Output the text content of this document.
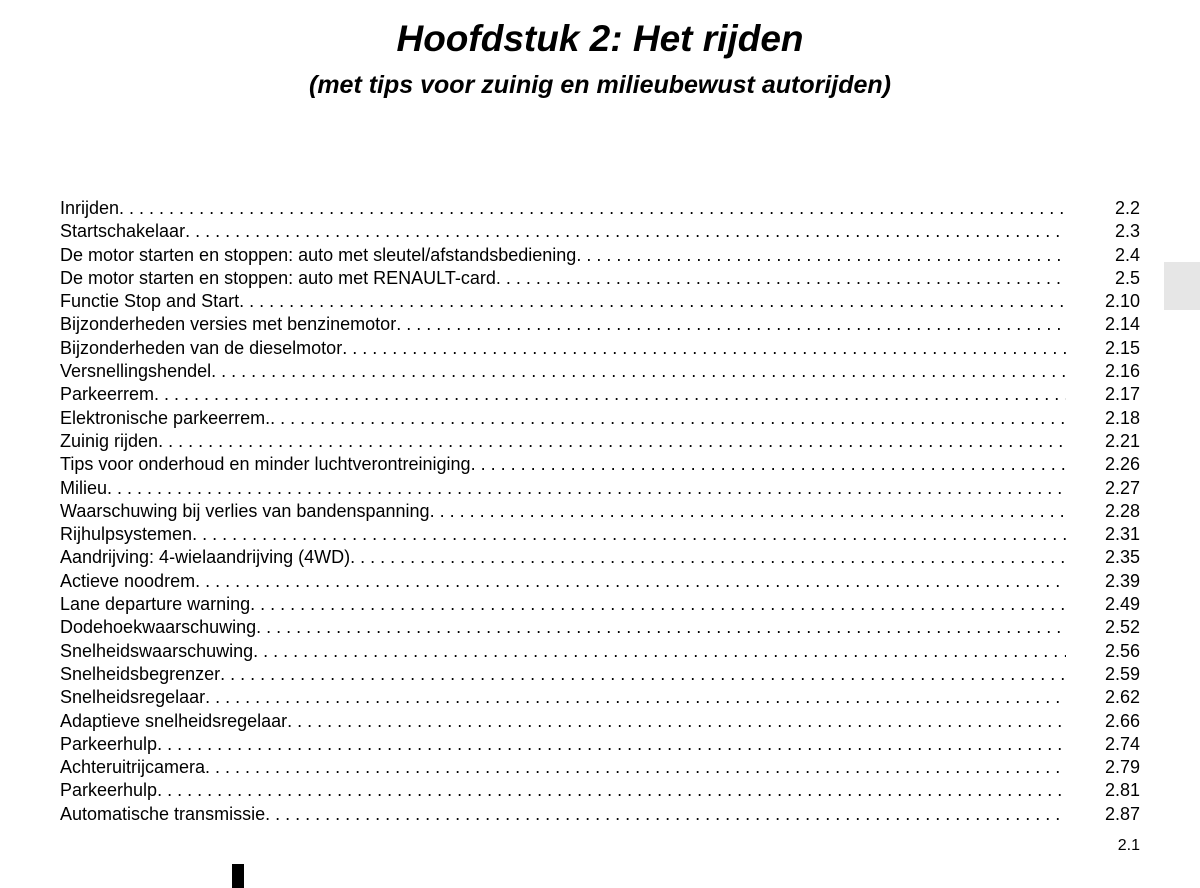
Hoofdstuk 2: Het rijden
(met tips voor zuinig en milieubewust autorijden)
Inrijden . . .	2.2
Startschakelaar . . .	2.3
De motor starten en stoppen: auto met sleutel/afstandsbediening . . .	2.4
De motor starten en stoppen: auto met RENAULT-card . . .	2.5
Functie Stop and Start . . .	2.10
Bijzonderheden versies met benzinemotor . . .	2.14
Bijzonderheden van de dieselmotor . . .	2.15
Versnellingshendel . . .	2.16
Parkeerrem . . .	2.17
Elektronische parkeerrem. . . .	2.18
Zuinig rijden . . .	2.21
Tips voor onderhoud en minder luchtverontreiniging . . .	2.26
Milieu . . .	2.27
Waarschuwing bij verlies van bandenspanning . . .	2.28
Rijhulpsystemen . . .	2.31
Aandrijving: 4-wielaandrijving (4WD) . . .	2.35
Actieve noodrem . . .	2.39
Lane departure warning . . .	2.49
Dodehoekwaarschuwing . . .	2.52
Snelheidswaarschuwing . . .	2.56
Snelheidsbegrenzer . . .	2.59
Snelheidsregelaar . . .	2.62
Adaptieve snelheidsregelaar . . .	2.66
Parkeerhulp . . .	2.74
Achteruitrijcamera . . .	2.79
Parkeerhulp . . .	2.81
Automatische transmissie . . .	2.87
2.1
